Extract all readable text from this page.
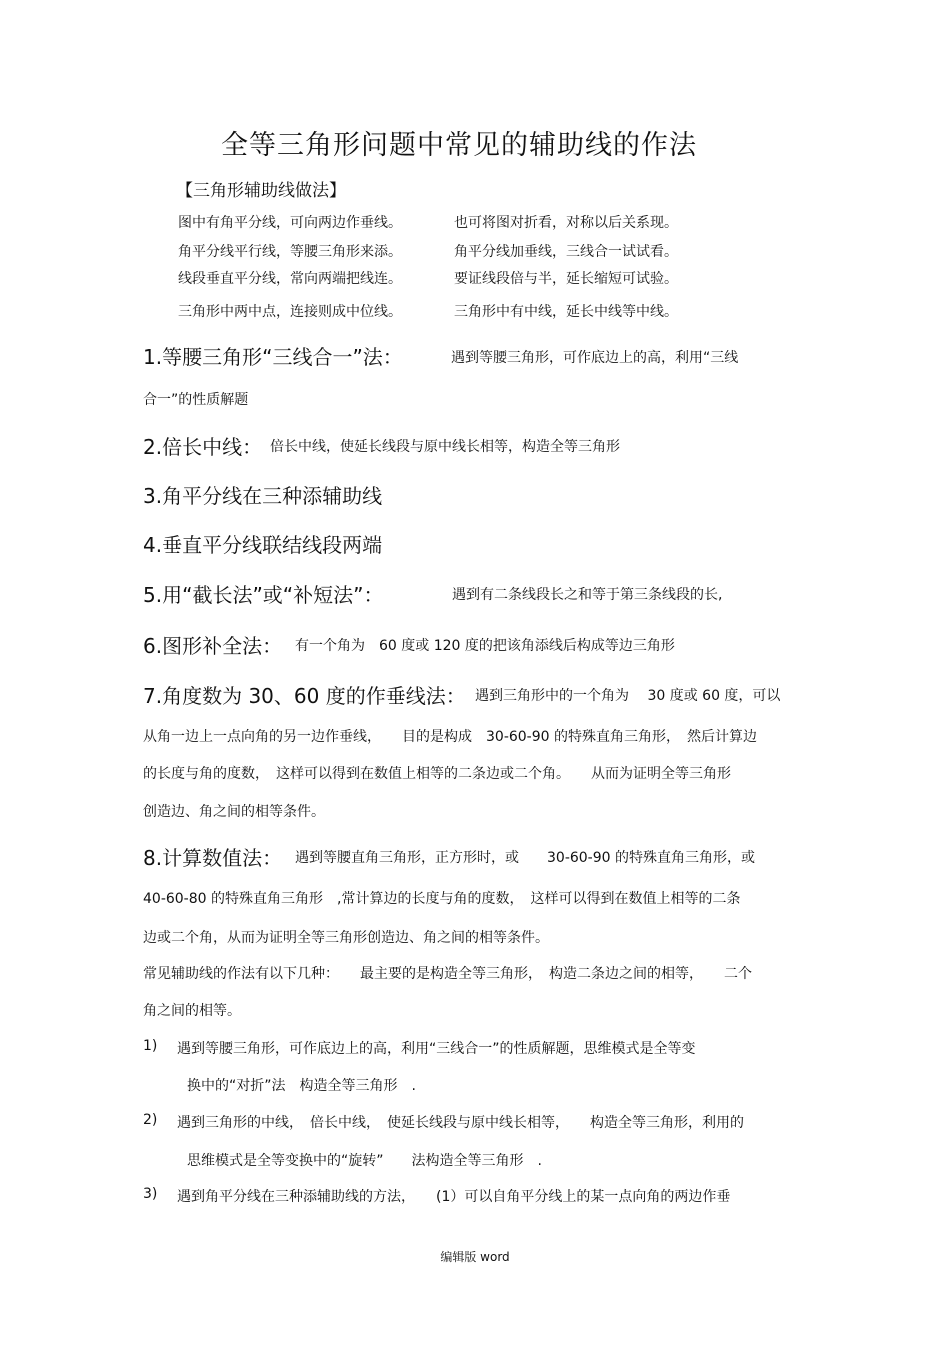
全等三角形问题中常见的辅助线的作法
【三角形辅助线做法】
图中有角平分线，可向两边作垂线。	也可将图对折看，对称以后关系现。
角平分线平行线，等腰三角形来添。	角平分线加垂线，三线合一试试看。
线段垂直平分线，常向两端把线连。	要证线段倍与半，延长缩短可试验。
三角形中两中点，连接则成中位线。	三角形中有中线，延长中线等中线。
1.等腰三角形“三线合一”法：	遇到等腰三角形，可作底边上的高，利用“三线
合一”的性质解题
2.倍长中线： 倍长中线，使延长线段与原中线长相等，构造全等三角形
3.角平分线在三种添辅助线
4.垂直平分线联结线段两端
5.用“截长法”或“补短法”：	遇到有二条线段长之和等于第三条线段的长,
6.图形补全法： 有一个角为　60 度或 120 度的把该角添线后构成等边三角形
7.角度数为 30、60 度的作垂线法： 遇到三角形中的一个角为　 30 度或 60 度，可以
从角一边上一点向角的另一边作垂线，　　目的是构成　30-60-90 的特殊直角三角形，　然后计算边
的长度与角的度数，　这样可以得到在数值上相等的二条边或二个角。　　从而为证明全等三角形
创造边、角之间的相等条件。
8.计算数值法： 遇到等腰直角三角形，正方形时，或　　30-60-90 的特殊直角三角形，或
40-60-80 的特殊直角三角形　,常计算边的长度与角的度数，　这样可以得到在数值上相等的二条
边或二个角，从而为证明全等三角形创造边、角之间的相等条件。
常见辅助线的作法有以下几种：　　最主要的是构造全等三角形，　构造二条边之间的相等，　　二个
角之间的相等。
1) 遇到等腰三角形，可作底边上的高，利用“三线合一”的性质解题，思维模式是全等变
换中的“对折”法　构造全等三角形　.
2) 遇到三角形的中线，　倍长中线，　使延长线段与原中线长相等，　　构造全等三角形，利用的
思维模式是全等变换中的“旋转”　　法构造全等三角形　.
3) 遇到角平分线在三种添辅助线的方法，　　(1）可以自角平分线上的某一点向角的两边作垂
编辑版 word
